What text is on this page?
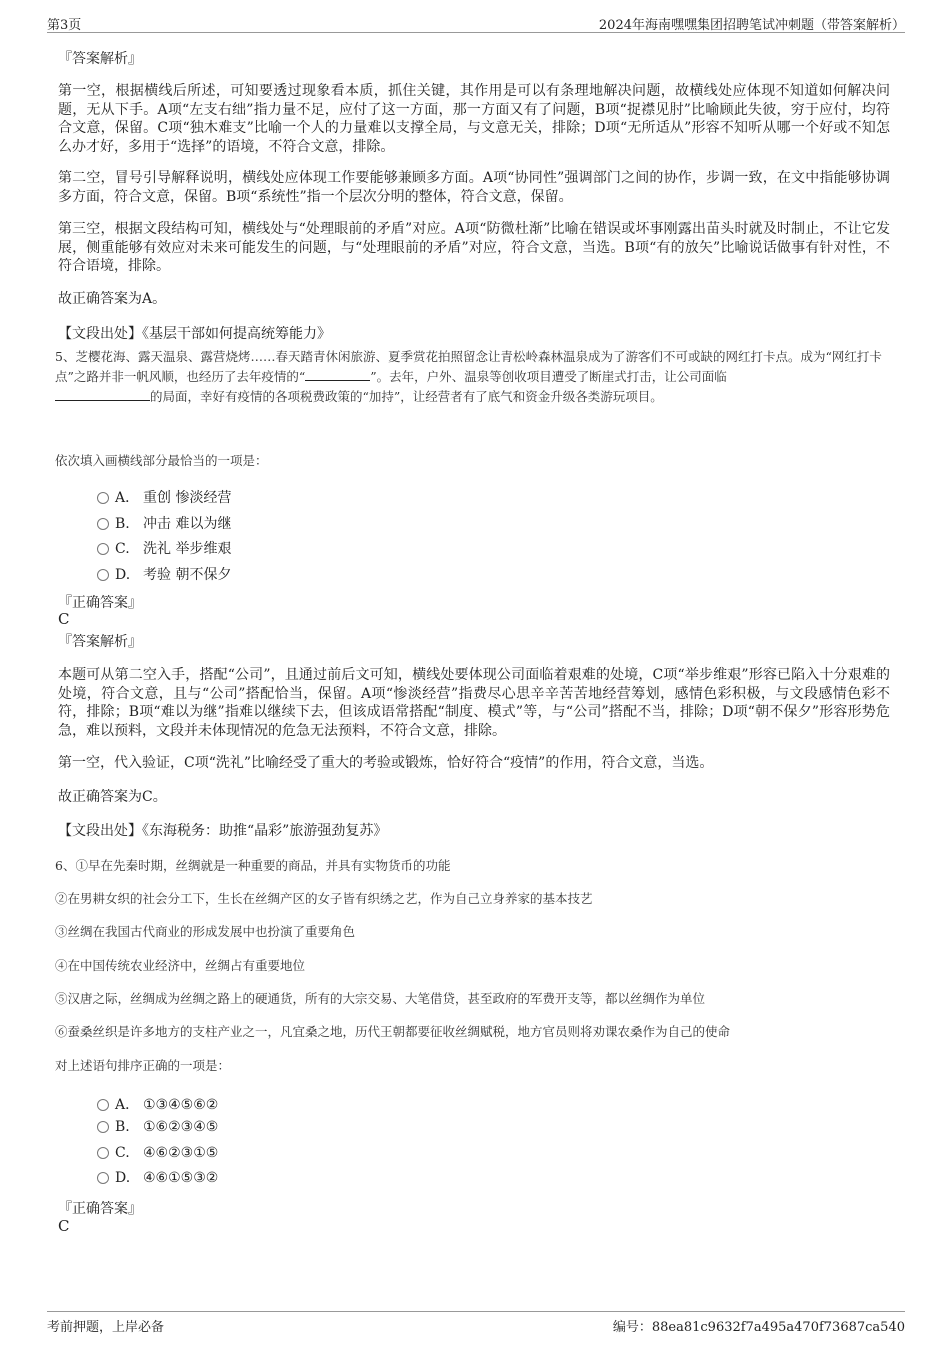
第3页	2024年海南嘿嘿集团招聘笔试冲刺题（带答案解析）
『答案解析』

第一空，根据横线后所述，可知要透过现象看本质，抓住关键，其作用是可以有条理地解决问题，故横线处应体现不知道如何解决问题，无从下手。A项“左支右绌”指力量不足，应付了这一方面，那一方面又有了问题，B项“捉襟见肘”比喻顾此失彼，穷于应付，均符合文意，保留。C项“独木难支”比喻一个人的力量难以支撑全局，与文意无关，排除；D项“无所适从”形容不知听从哪一个好或不知怎么办才好，多用于“选择”的语境，不符合文意，排除。

第二空，冒号引导解释说明，横线处应体现工作要能够兼顾多方面。A项“协同性”强调部门之间的协作，步调一致，在文中指能够协调多方面，符合文意，保留。B项“系统性”指一个层次分明的整体，符合文意，保留。

第三空，根据文段结构可知，横线处与“处理眼前的矛盾”对应。A项“防微杜渐”比喻在错误或坏事刚露出苗头时就及时制止，不让它发展，侧重能够有效应对未来可能发生的问题，与“处理眼前的矛盾”对应，符合文意，当选。B项“有的放矢”比喻说话做事有针对性，不符合语境，排除。

故正确答案为A。

【文段出处】《基层干部如何提高统筹能力》

5、芝樱花海、露天温泉、露营烧烤……春天踏青休闲旅游、夏季赏花拍照留念让青松岭森林温泉成为了游客们不可或缺的网红打卡点。成为“网红打卡点”之路并非一帆风顺，也经历了去年疫情的“	”。去年，户外、温泉等创收项目遭受了断崖式打击，让公司面临
的局面，幸好有疫情的各项税费政策的“加持”，让经营者有了底气和资金升级各类游玩项目。

依次填入画横线部分最恰当的一项是：

A． 重创 惨淡经营
B. 冲击 难以为继
C. 洗礼 举步维艰
D. 考验 朝不保夕
『正确答案』
C
『答案解析』

本题可从第二空入手，搭配“公司”，且通过前后文可知，横线处要体现公司面临着艰难的处境，C项“举步维艰”形容已陷入十分艰难的处境，符合文意，且与“公司”搭配恰当，保留。A项“惨淡经营”指费尽心思辛辛苦苦地经营筹划，感情色彩积极，与文段感情色彩不符，排除；B项“难以为继”指难以继续下去，但该成语常搭配“制度、模式”等，与“公司”搭配不当，排除；D项“朝不保夕”形容形势危急，难以预料，文段并未体现情况的危急无法预料，不符合文意，排除。

第一空，代入验证，C项“洗礼”比喻经受了重大的考验或锻炼，恰好符合“疫情”的作用，符合文意，当选。

故正确答案为C。

【文段出处】《东海税务：助推“晶彩”旅游强劲复苏》

6、①早在先秦时期，丝绸就是一种重要的商品，并具有实物货币的功能

②在男耕女织的社会分工下，生长在丝绸产区的女子皆有织绣之艺，作为自己立身养家的基本技艺

③丝绸在我国古代商业的形成发展中也扮演了重要角色

④在中国传统农业经济中，丝绸占有重要地位

⑤汉唐之际，丝绸成为丝绸之路上的硬通货，所有的大宗交易、大笔借贷，甚至政府的军费开支等，都以丝绸作为单位

⑥蚕桑丝织是许多地方的支柱产业之一，凡宜桑之地，历代王朝都要征收丝绸赋税，地方官员则将劝课农桑作为自己的使命

对上述语句排序正确的一项是：

A． ①③④⑤⑥②
B. ①⑥②③④⑤
C. ④⑥②③①⑤
D. ④⑥①⑤③②
『正确答案』
C
考前押题，上岸必备	编号：88ea81c9632f7a495a470f73687ca540
